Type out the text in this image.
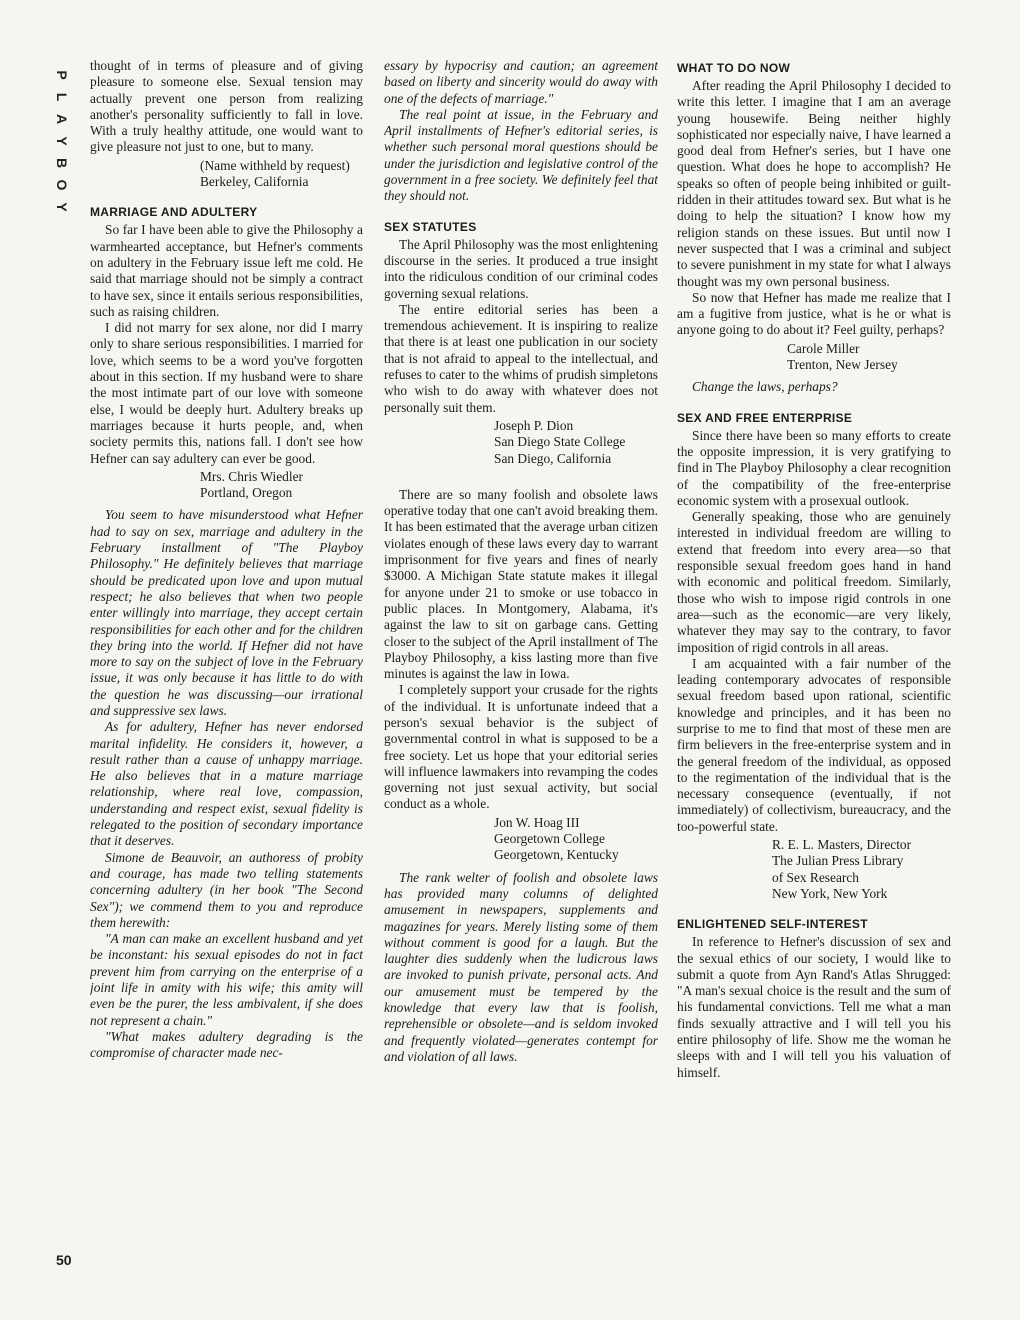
P
L
A
Y
B
O
Y

thought of in terms of pleasure and of giving pleasure to someone else. Sexual tension may actually prevent one person from realizing another's personality sufficiently to fall in love. With a truly healthy attitude, one would want to give pleasure not just to one, but to many.

(Name withheld by request)
Berkeley, California
MARRIAGE AND ADULTERY

So far I have been able to give the Philosophy a warmhearted acceptance, but Hefner's comments on adultery in the February issue left me cold. He said that marriage should not be simply a contract to have sex, since it entails serious responsibilities, such as raising children.

I did not marry for sex alone, nor did I marry only to share serious responsibilities. I married for love, which seems to be a word you've forgotten about in this section. If my husband were to share the most intimate part of our love with someone else, I would be deeply hurt. Adultery breaks up marriages because it hurts people, and, when society permits this, nations fall. I don't see how Hefner can say adultery can ever be good.

Mrs. Chris Wiedler
Portland, Oregon

You seem to have misunderstood what Hefner had to say on sex, marriage and adultery in the February installment of "The Playboy Philosophy." He definitely believes that marriage should be predicated upon love and upon mutual respect; he also believes that when two people enter willingly into marriage, they accept certain responsibilities for each other and for the children they bring into the world. If Hefner did not have more to say on the subject of love in the February issue, it was only because it has little to do with the question he was discussing—our irrational and suppressive sex laws.

As for adultery, Hefner has never endorsed marital infidelity. He considers it, however, a result rather than a cause of unhappy marriage. He also believes that in a mature marriage relationship, where real love, compassion, understanding and respect exist, sexual fidelity is relegated to the position of secondary importance that it deserves.

Simone de Beauvoir, an authoress of probity and courage, has made two telling statements concerning adultery (in her book "The Second Sex"); we commend them to you and reproduce them herewith:

"A man can make an excellent husband and yet be inconstant: his sexual episodes do not in fact prevent him from carrying on the enterprise of a joint life in amity with his wife; this amity will even be the purer, the less ambivalent, if she does not represent a chain."

"What makes adultery degrading is the compromise of character made nec-

essary by hypocrisy and caution; an agreement based on liberty and sincerity would do away with one of the defects of marriage."

The real point at issue, in the February and April installments of Hefner's editorial series, is whether such personal moral questions should be under the jurisdiction and legislative control of the government in a free society. We definitely feel that they should not.

SEX STATUTES

The April Philosophy was the most enlightening discourse in the series. It produced a true insight into the ridiculous condition of our criminal codes governing sexual relations.

The entire editorial series has been a tremendous achievement. It is inspiring to realize that there is at least one publication in our society that is not afraid to appeal to the intellectual, and refuses to cater to the whims of prudish simpletons who wish to do away with whatever does not personally suit them.

Joseph P. Dion
San Diego State College
San Diego, California

There are so many foolish and obsolete laws operative today that one can't avoid breaking them. It has been estimated that the average urban citizen violates enough of these laws every day to warrant imprisonment for five years and fines of nearly $3000. A Michigan State statute makes it illegal for anyone under 21 to smoke or use tobacco in public places. In Montgomery, Alabama, it's against the law to sit on garbage cans. Getting closer to the subject of the April installment of The Playboy Philosophy, a kiss lasting more than five minutes is against the law in Iowa.

I completely support your crusade for the rights of the individual. It is unfortunate indeed that a person's sexual behavior is the subject of governmental control in what is supposed to be a free society. Let us hope that your editorial series will influence lawmakers into revamping the codes governing not just sexual activity, but social conduct as a whole.

Jon W. Hoag III
Georgetown College
Georgetown, Kentucky

The rank welter of foolish and obsolete laws has provided many columns of delighted amusement in newspapers, supplements and magazines for years. Merely listing some of them without comment is good for a laugh. But the laughter dies suddenly when the ludicrous laws are invoked to punish private, personal acts. And our amusement must be tempered by the knowledge that every law that is foolish, reprehensible or obsolete—and is seldom invoked and frequently violated—generates contempt for and violation of all laws.

WHAT TO DO NOW

After reading the April Philosophy I decided to write this letter. I imagine that I am an average young housewife. Being neither highly sophisticated nor especially naive, I have learned a good deal from Hefner's series, but I have one question. What does he hope to accomplish? He speaks so often of people being inhibited or guilt-ridden in their attitudes toward sex. But what is he doing to help the situation? I know how my religion stands on these issues. But until now I never suspected that I was a criminal and subject to severe punishment in my state for what I always thought was my own personal business.

So now that Hefner has made me realize that I am a fugitive from justice, what is he or what is anyone going to do about it? Feel guilty, perhaps?

Carole Miller
Trenton, New Jersey

Change the laws, perhaps?

SEX AND FREE ENTERPRISE

Since there have been so many efforts to create the opposite impression, it is very gratifying to find in The Playboy Philosophy a clear recognition of the compatibility of the free-enterprise economic system with a prosexual outlook.

Generally speaking, those who are genuinely interested in individual freedom are willing to extend that freedom into every area—so that responsible sexual freedom goes hand in hand with economic and political freedom. Similarly, those who wish to impose rigid controls in one area—such as the economic—are very likely, whatever they may say to the contrary, to favor imposition of rigid controls in all areas.

I am acquainted with a fair number of the leading contemporary advocates of responsible sexual freedom based upon rational, scientific knowledge and principles, and it has been no surprise to me to find that most of these men are firm believers in the free-enterprise system and in the general freedom of the individual, as opposed to the regimentation of the individual that is the necessary consequence (eventually, if not immediately) of collectivism, bureaucracy, and the too-powerful state.

R. E. L. Masters, Director
The Julian Press Library
of Sex Research
New York, New York
ENLIGHTENED SELF-INTEREST

In reference to Hefner's discussion of sex and the sexual ethics of our society, I would like to submit a quote from Ayn Rand's Atlas Shrugged: "A man's sexual choice is the result and the sum of his fundamental convictions. Tell me what a man finds sexually attractive and I will tell you his entire philosophy of life. Show me the woman he sleeps with and I will tell you his valuation of himself.

50
